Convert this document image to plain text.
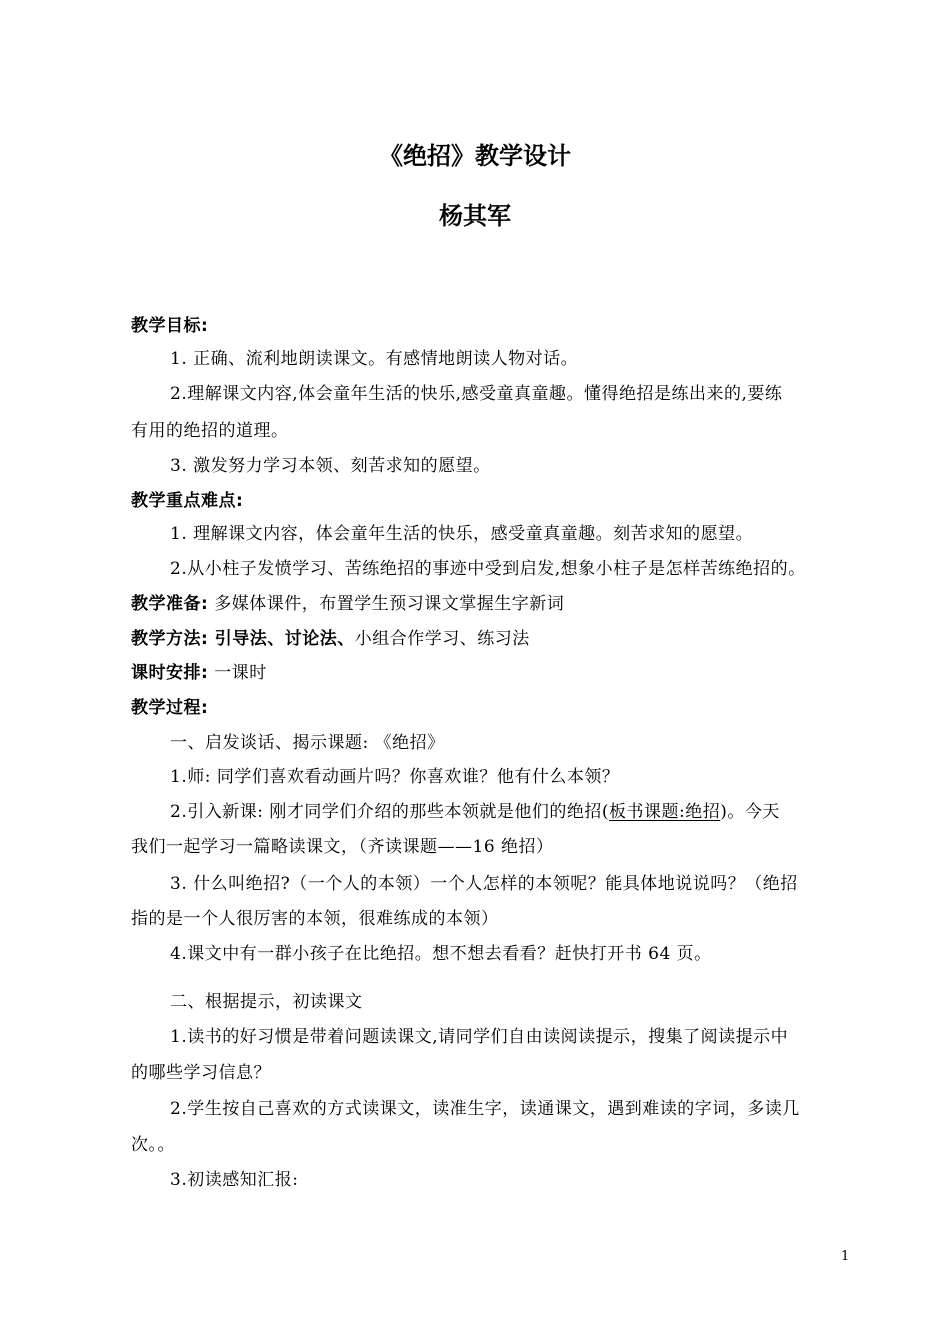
《绝招》教学设计
杨其军
教学目标:
1. 正确、流利地朗读课文。有感情地朗读人物对话。
2.理解课文内容,体会童年生活的快乐,感受童真童趣。懂得绝招是练出来的,要练
有用的绝招的道理。
3. 激发努力学习本领、刻苦求知的愿望。
教学重点难点:
1. 理解课文内容，体会童年生活的快乐，感受童真童趣。刻苦求知的愿望。
2.从小柱子发愤学习、苦练绝招的事迹中受到启发,想象小柱子是怎样苦练绝招的。
教学准备: 多媒体课件，布置学生预习课文掌握生字新词
教学方法: 引导法、讨论法、小组合作学习、练习法
课时安排: 一课时
教学过程:
一、启发谈话、揭示课题: 《绝招》
1.师: 同学们喜欢看动画片吗？你喜欢谁？他有什么本领？
2.引入新课: 刚才同学们介绍的那些本领就是他们的绝招(板书课题:绝招)。今天
我们一起学习一篇略读课文，（齐读课题——16 绝招）
3. 什么叫绝招?（一个人的本领）一个人怎样的本领呢？能具体地说说吗？（绝招
指的是一个人很厉害的本领，很难练成的本领）
4.课文中有一群小孩子在比绝招。想不想去看看？赶快打开书 64 页。
二、根据提示，初读课文
1.读书的好习惯是带着问题读课文,请同学们自由读阅读提示，搜集了阅读提示中
的哪些学习信息？
2.学生按自己喜欢的方式读课文，读准生字，读通课文，遇到难读的字词，多读几
次。。
3.初读感知汇报:
1
